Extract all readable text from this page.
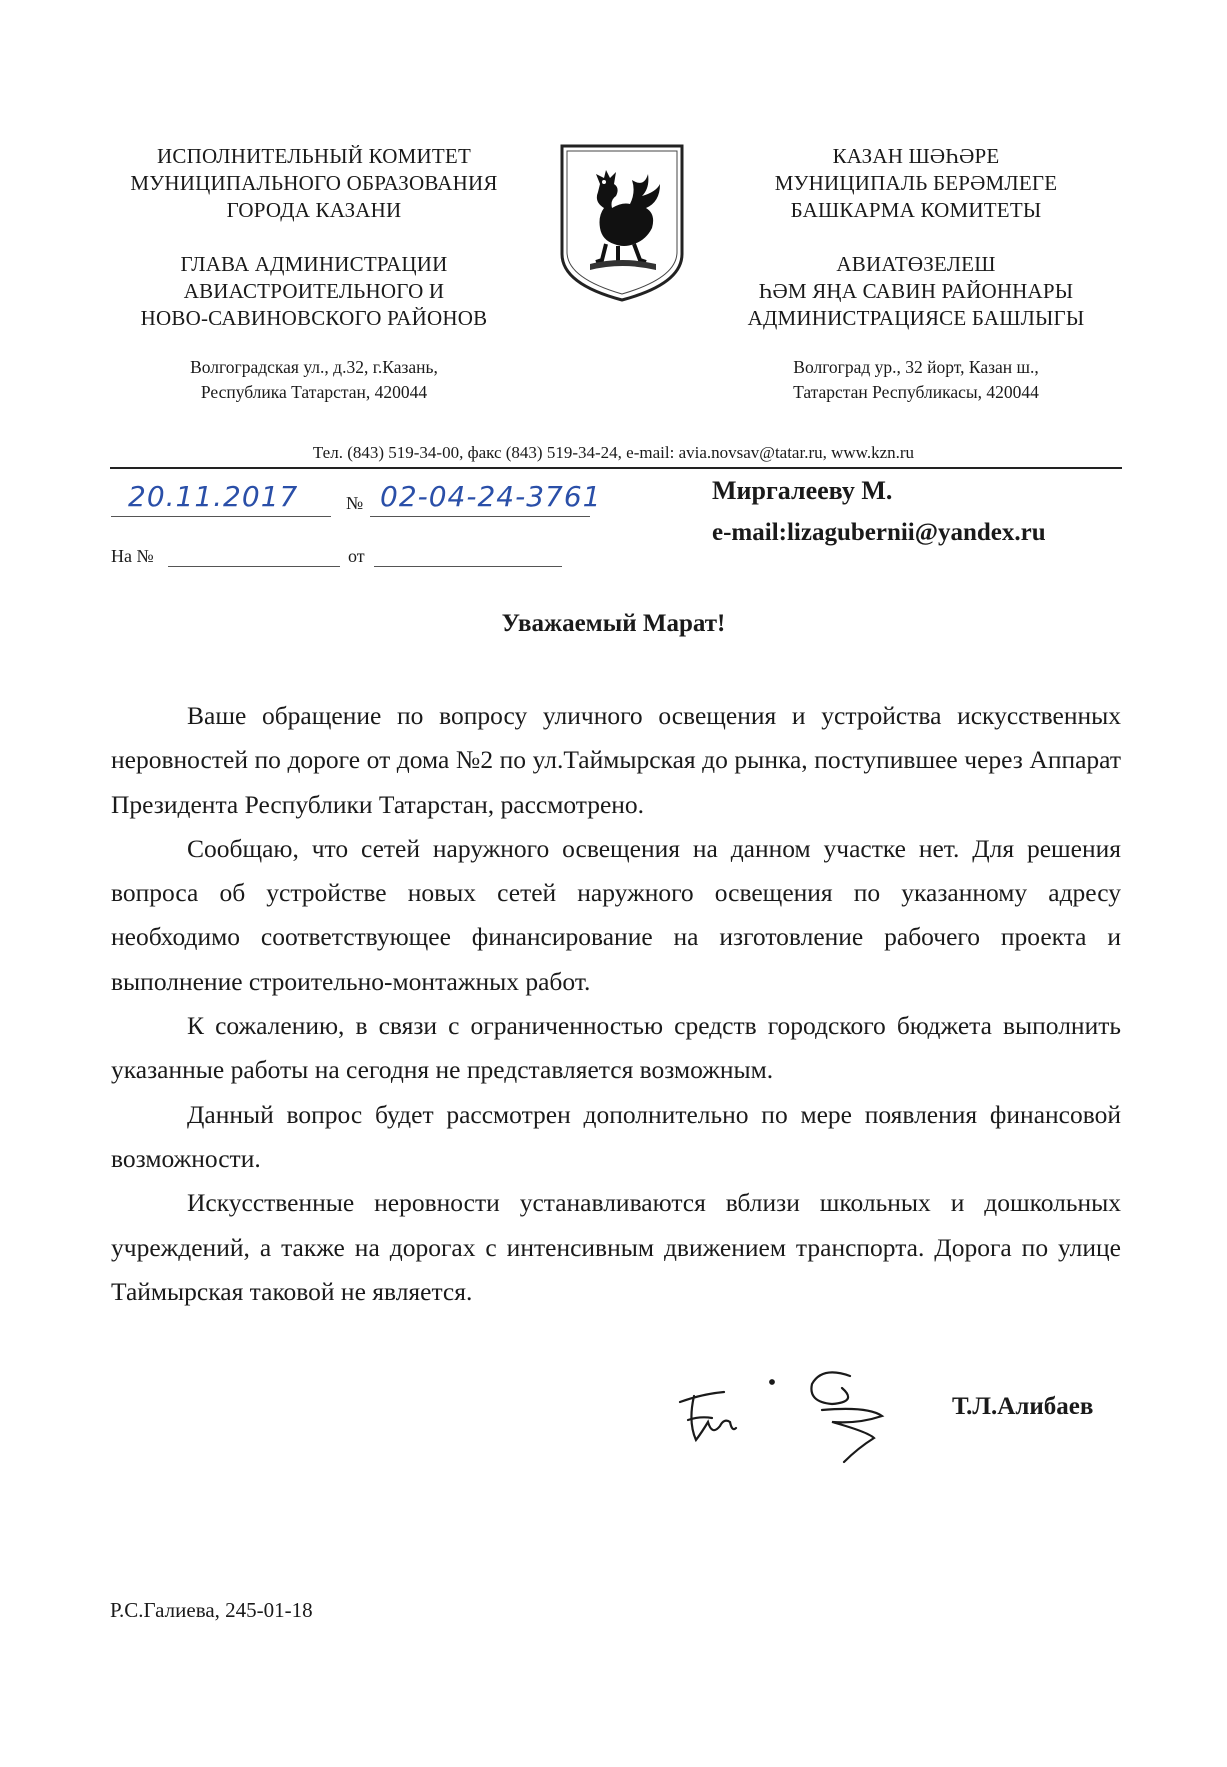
ИСПОЛНИТЕЛЬНЫЙ КОМИТЕТ
МУНИЦИПАЛЬНОГО ОБРАЗОВАНИЯ
ГОРОДА КАЗАНИ
ГЛАВА АДМИНИСТРАЦИИ
АВИАСТРОИТЕЛЬНОГО И
НОВО-САВИНОВСКОГО РАЙОНОВ
Волгоградская ул., д.32, г.Казань,
Республика Татарстан, 420044
КАЗАН ШӘҺӘРЕ
МУНИЦИПАЛЬ БЕРӘМЛЕГЕ
БАШКАРМА КОМИТЕТЫ
АВИАТӨЗЕЛЕШ
ҺӘМ ЯҢА САВИН РАЙОННАРЫ
АДМИНИСТРАЦИЯСЕ БАШЛЫГЫ
Волгоград ур., 32 йорт, Казан ш.,
Татарстан Республикасы, 420044
Тел. (843) 519-34-00, факс (843) 519-34-24, e-mail: avia.novsav@tatar.ru, www.kzn.ru
20.11.2017	№ 02-04-24-3761
На №	от
Миргалееву М.
e-mail:lizagubernii@yandex.ru
Уважаемый Марат!

Ваше обращение по вопросу уличного освещения и устройства искусственных неровностей по дороге от дома №2 по ул.Таймырская до рынка, поступившее через Аппарат Президента Республики Татарстан, рассмотрено.

Сообщаю, что сетей наружного освещения на данном участке нет. Для решения вопроса об устройстве новых сетей наружного освещения по указанному адресу необходимо соответствующее финансирование на изготовление рабочего проекта и выполнение строительно-монтажных работ.

К сожалению, в связи с ограниченностью средств городского бюджета выполнить указанные работы на сегодня не представляется возможным.

Данный вопрос будет рассмотрен дополнительно по мере появления финансовой возможности.

Искусственные неровности устанавливаются вблизи школьных и дошкольных учреждений, а также на дорогах с интенсивным движением транспорта. Дорога по улице Таймырская таковой не является.

Т.Л.Алибаев
Р.С.Галиева, 245-01-18
